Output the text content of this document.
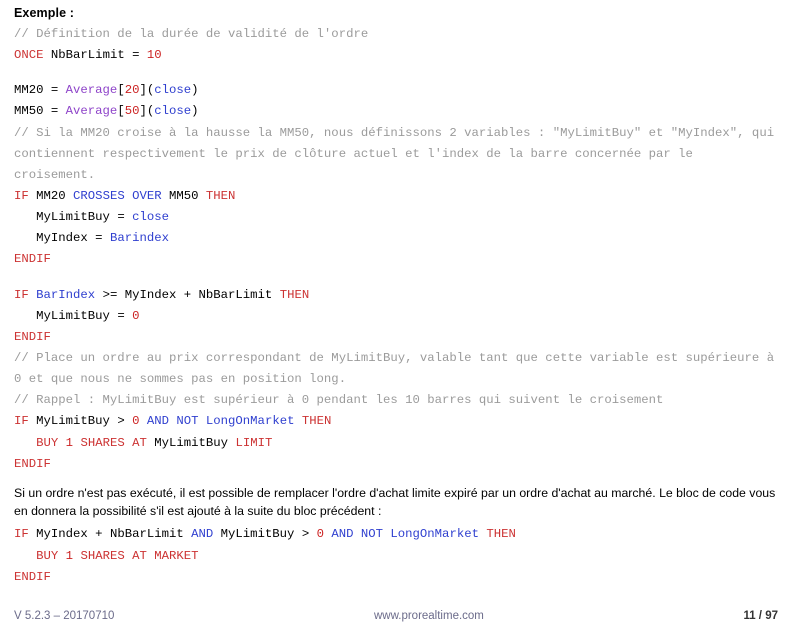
Exemple :
// Définition de la durée de validité de l'ordre
ONCE NbBarLimit = 10

MM20 = Average[20](close)
MM50 = Average[50](close)
// Si la MM20 croise à la hausse la MM50, nous définissons 2 variables : "MyLimitBuy" et "MyIndex", qui contiennent respectivement le prix de clôture actuel et l'index de la barre concernée par le croisement.
IF MM20 CROSSES OVER MM50 THEN
MyLimitBuy = close
MyIndex = Barindex
ENDIF

IF BarIndex >= MyIndex + NbBarLimit THEN
MyLimitBuy = 0
ENDIF
// Place un ordre au prix correspondant de MyLimitBuy, valable tant que cette variable est supérieure à 0 et que nous ne sommes pas en position long.
// Rappel : MyLimitBuy est supérieur à 0 pendant les 10 barres qui suivent le croisement
IF MyLimitBuy > 0 AND NOT LongOnMarket THEN
BUY 1 SHARES AT MyLimitBuy LIMIT
ENDIF
Si un ordre n'est pas exécuté, il est possible de remplacer l'ordre d'achat limite expiré par un ordre d'achat au marché. Le bloc de code vous en donnera la possibilité s'il est ajouté à la suite du bloc précédent :
IF MyIndex + NbBarLimit AND MyLimitBuy > 0 AND NOT LongOnMarket THEN
BUY 1 SHARES AT MARKET
ENDIF
V 5.2.3 – 20170710	www.prorealtime.com	11 / 97
